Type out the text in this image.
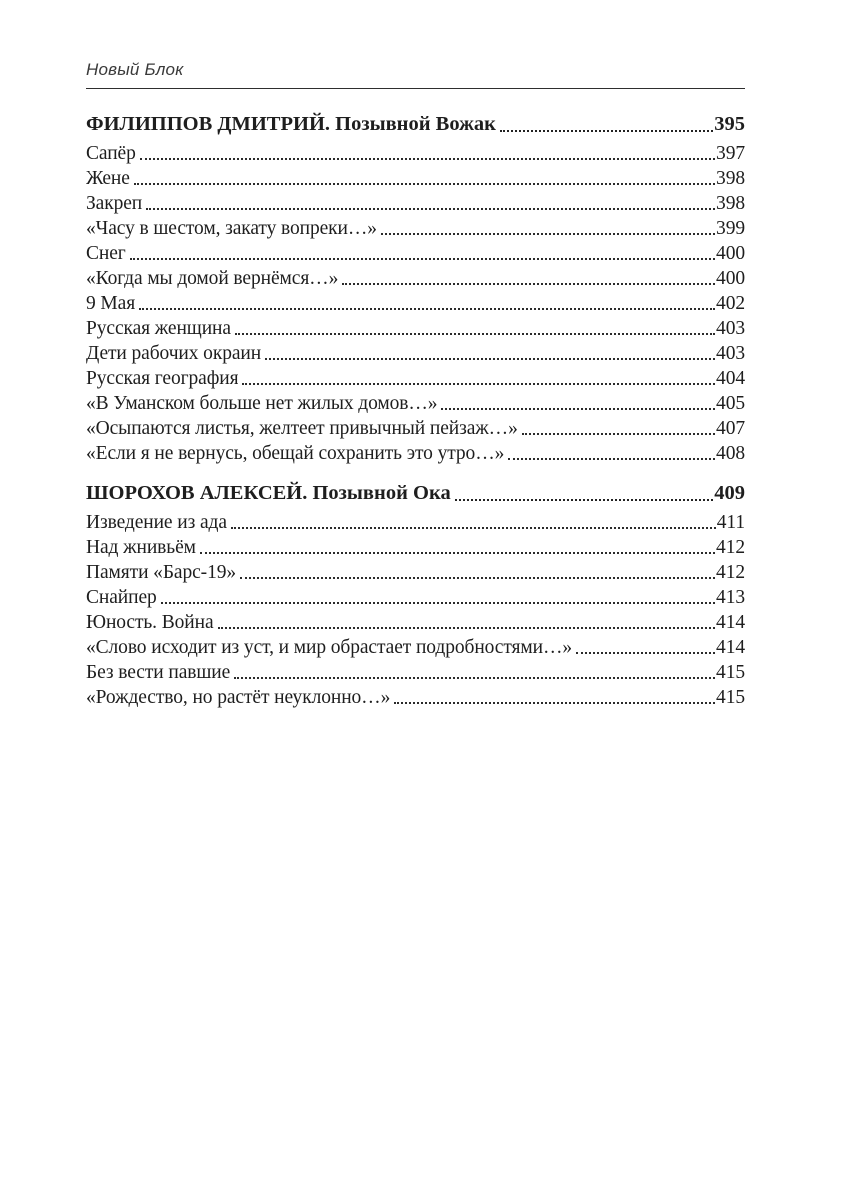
Новый Блок
ФИЛИППОВ ДМИТРИЙ. Позывной Вожак	395
Сапёр	397
Жене	398
Закреп	398
«Часу в шестом, закату вопреки…»	399
Снег	400
«Когда мы домой вернёмся…»	400
9 Мая	402
Русская женщина	403
Дети рабочих окраин	403
Русская география	404
«В Уманском больше нет жилых домов…»	405
«Осыпаются листья, желтеет привычный пейзаж…»	407
«Если я не вернусь, обещай сохранить это утро…»	408
ШОРОХОВ АЛЕКСЕЙ. Позывной Ока	409
Изведение из ада	411
Над жнивьём	412
Памяти «Барс-19»	412
Снайпер	413
Юность. Война	414
«Слово исходит из уст, и мир обрастает подробностями…»	414
Без вести павшие	415
«Рождество, но растёт неуклонно…»	415
